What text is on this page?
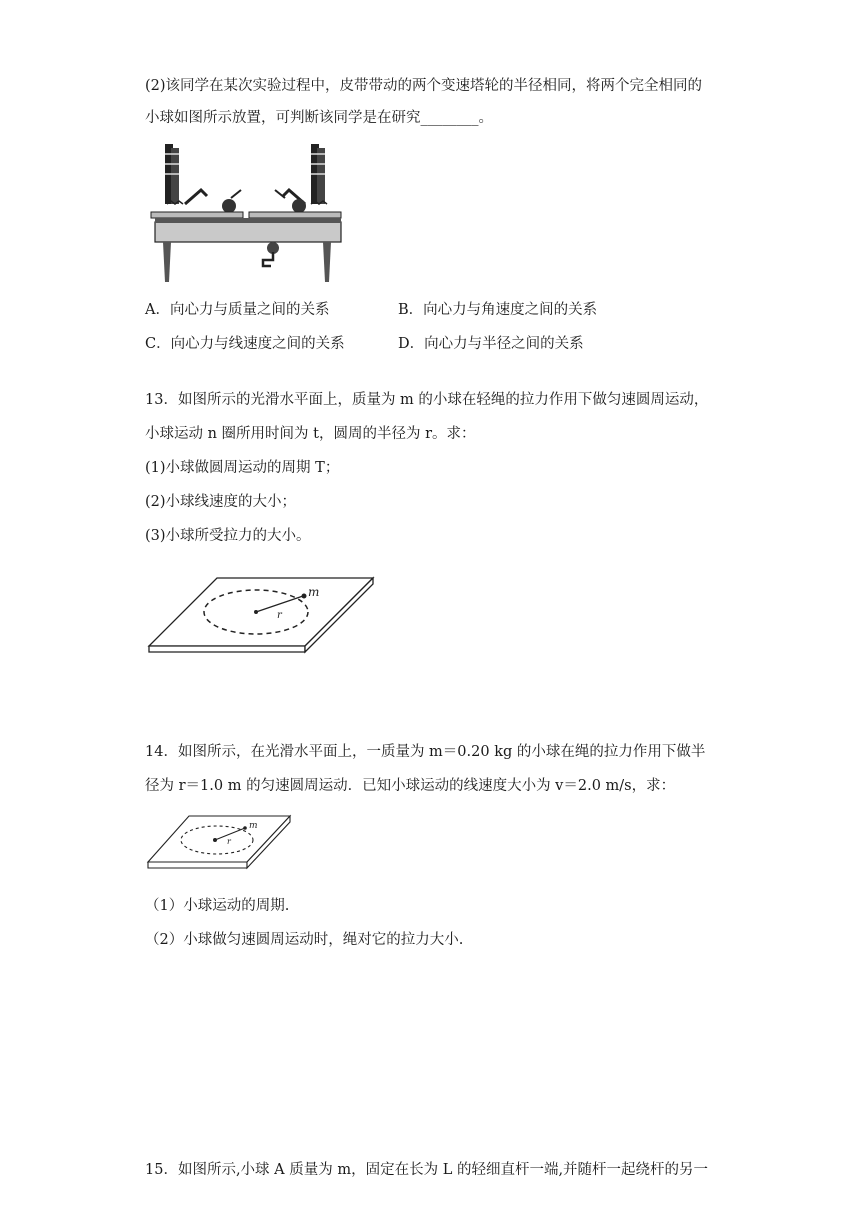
(2)该同学在某次实验过程中，皮带带动的两个变速塔轮的半径相同，将两个完全相同的
小球如图所示放置，可判断该同学是在研究________。
A．向心力与质量之间的关系	B．向心力与角速度之间的关系
C．向心力与线速度之间的关系	D．向心力与半径之间的关系
13．如图所示的光滑水平面上，质量为 m 的小球在轻绳的拉力作用下做匀速圆周运动，
小球运动 n 圈所用时间为 t，圆周的半径为 r。求：
(1)小球做圆周运动的周期 T；
(2)小球线速度的大小；
(3)小球所受拉力的大小。
m
r
14．如图所示，在光滑水平面上，一质量为 m＝0.20 kg 的小球在绳的拉力作用下做半
径为 r＝1.0 m 的匀速圆周运动．已知小球运动的线速度大小为 v＝2.0 m/s，求：
m
r
（1）小球运动的周期.
（2）小球做匀速圆周运动时，绳对它的拉力大小.
15．如图所示,小球 A 质量为 m，固定在长为 L 的轻细直杆一端,并随杆一起绕杆的另一
